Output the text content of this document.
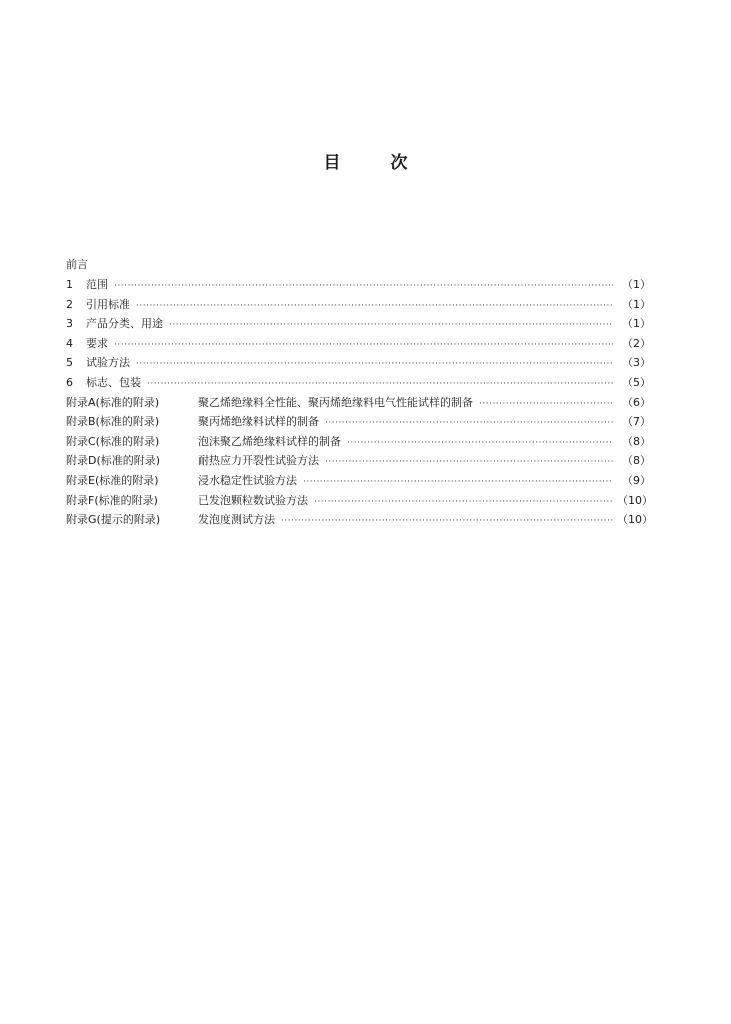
目	次
前言
1	范围 ·····	（1）
2	引用标准 ·····	（1）
3	产品分类、用途 ·····	（1）
4	要求 ·····	（2）
5	试验方法 ·····	（3）
6	标志、包装 ·····	（5）
附录A(标准的附录)	聚乙烯绝缘料全性能、聚丙烯绝缘料电气性能试样的制备 ·····	（6）
附录B(标准的附录)	聚丙烯绝缘料试样的制备 ·····	（7）
附录C(标准的附录)	泡沫聚乙烯绝缘料试样的制备 ·····	（8）
附录D(标准的附录)	耐热应力开裂性试验方法 ·····	（8）
附录E(标准的附录)	浸水稳定性试验方法 ·····	（9）
附录F(标准的附录)	已发泡颗粒数试验方法 ·····	（10）
附录G(提示的附录)	发泡度测试方法 ·····	（10）
